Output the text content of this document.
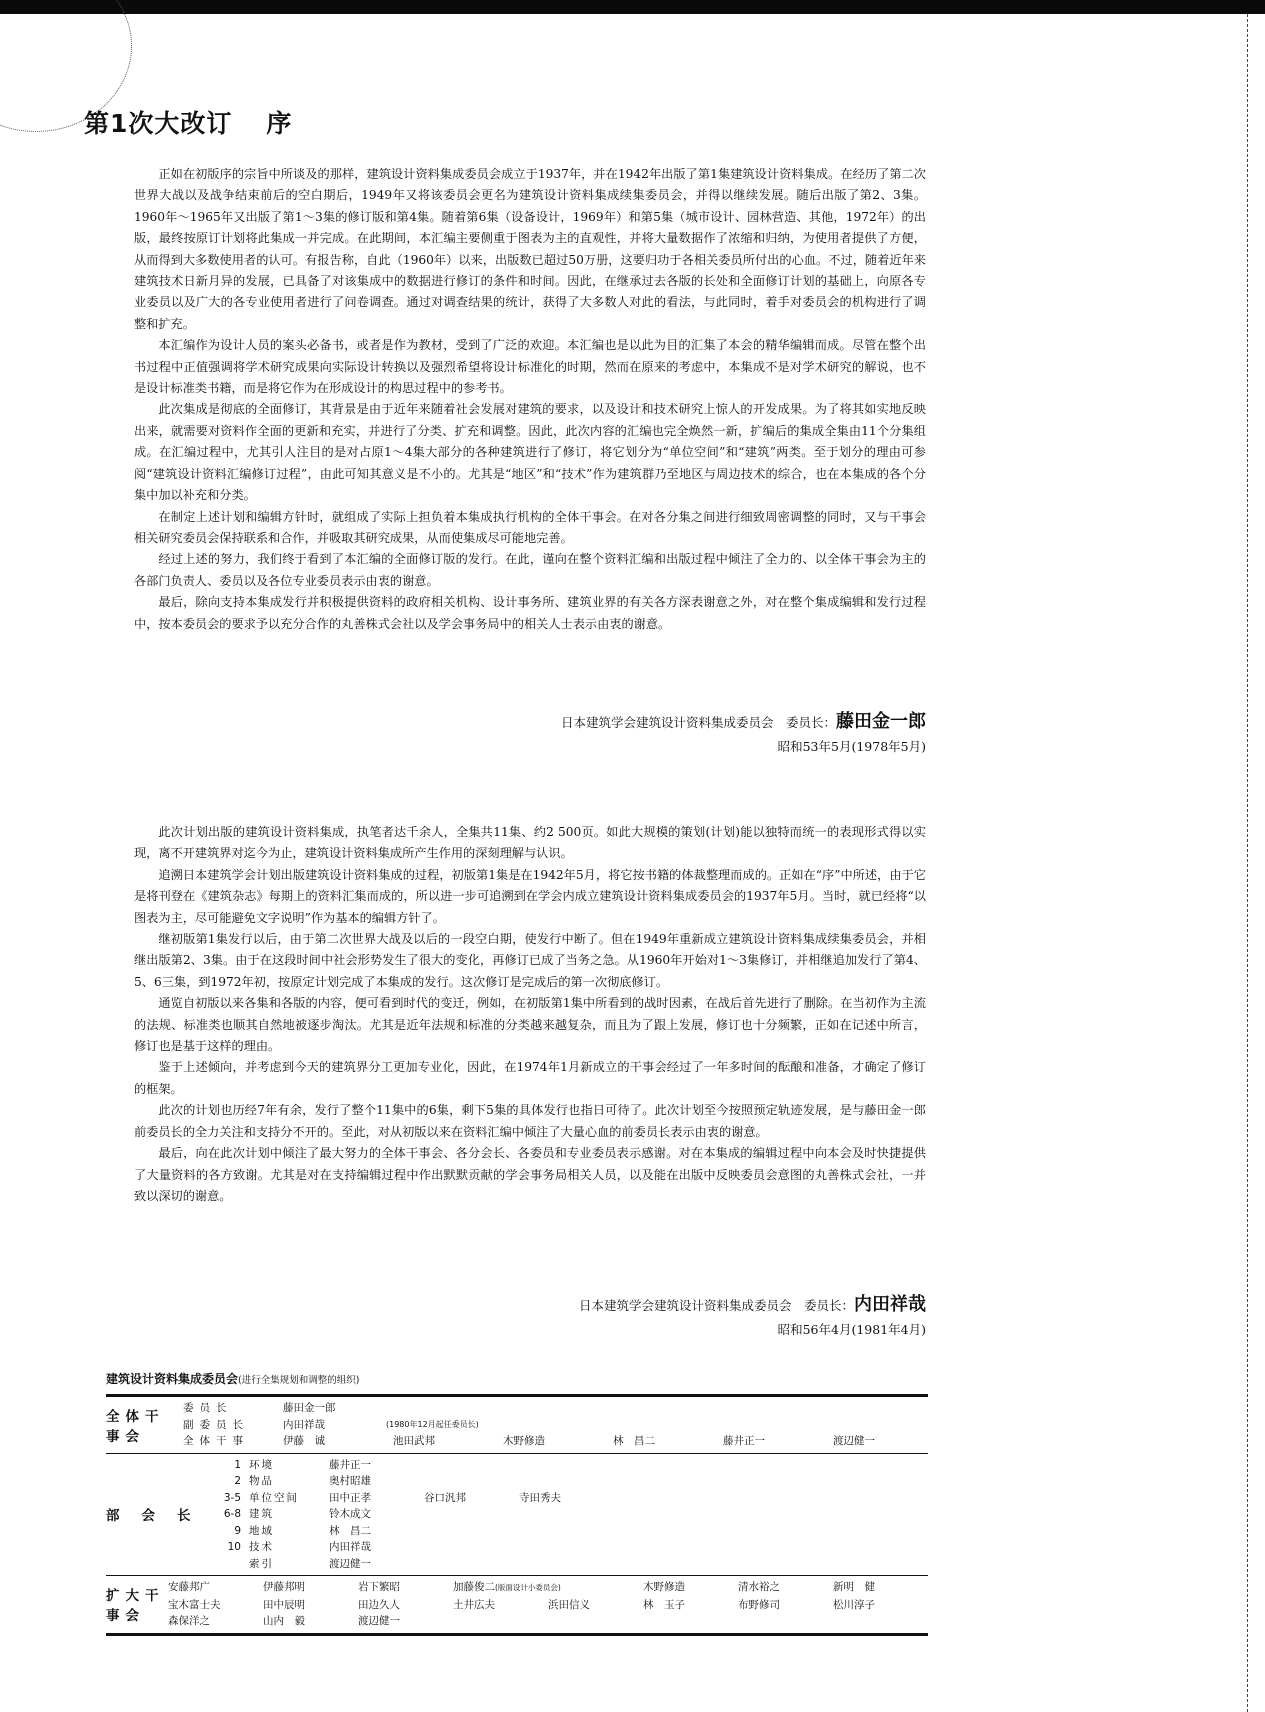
第1次大改订 序

正如在初版序的宗旨中所谈及的那样，建筑设计资料集成委员会成立于1937年，并在1942年出版了第1集建筑设计资料集成。在经历了第二次世界大战以及战争结束前后的空白期后，1949年又将该委员会更名为建筑设计资料集成续集委员会，并得以继续发展。随后出版了第2、3集。1960年～1965年又出版了第1～3集的修订版和第4集。随着第6集（设备设计，1969年）和第5集（城市设计、园林营造、其他，1972年）的出版，最终按原订计划将此集成一并完成。在此期间，本汇编主要侧重于图表为主的直观性，并将大量数据作了浓缩和归纳，为使用者提供了方便，从而得到大多数使用者的认可。有报告称，自此（1960年）以来，出版数已超过50万册，这要归功于各相关委员所付出的心血。不过，随着近年来建筑技术日新月异的发展，已具备了对该集成中的数据进行修订的条件和时间。因此，在继承过去各版的长处和全面修订计划的基础上，向原各专业委员以及广大的各专业使用者进行了问卷调查。通过对调查结果的统计，获得了大多数人对此的看法，与此同时，着手对委员会的机构进行了调整和扩充。

本汇编作为设计人员的案头必备书，或者是作为教材，受到了广泛的欢迎。本汇编也是以此为目的汇集了本会的精华编辑而成。尽管在整个出书过程中正值强调将学术研究成果向实际设计转换以及强烈希望将设计标准化的时期，然而在原来的考虑中，本集成不是对学术研究的解说，也不是设计标准类书籍，而是将它作为在形成设计的构思过程中的参考书。

此次集成是彻底的全面修订，其背景是由于近年来随着社会发展对建筑的要求，以及设计和技术研究上惊人的开发成果。为了将其如实地反映出来，就需要对资料作全面的更新和充实，并进行了分类、扩充和调整。因此，此次内容的汇编也完全焕然一新，扩编后的集成全集由11个分集组成。在汇编过程中，尤其引人注目的是对占原1～4集大部分的各种建筑进行了修订，将它划分为“单位空间”和“建筑”两类。至于划分的理由可参阅“建筑设计资料汇编修订过程”，由此可知其意义是不小的。尤其是“地区”和“技术”作为建筑群乃至地区与周边技术的综合，也在本集成的各个分集中加以补充和分类。

在制定上述计划和编辑方针时，就组成了实际上担负着本集成执行机构的全体干事会。在对各分集之间进行细致周密调整的同时，又与干事会相关研究委员会保持联系和合作，并吸取其研究成果，从而使集成尽可能地完善。

经过上述的努力，我们终于看到了本汇编的全面修订版的发行。在此，谨向在整个资料汇编和出版过程中倾注了全力的、以全体干事会为主的各部门负责人、委员以及各位专业委员表示由衷的谢意。

最后，除向支持本集成发行并积极提供资料的政府相关机构、设计事务所、建筑业界的有关各方深表谢意之外，对在整个集成编辑和发行过程中，按本委员会的要求予以充分合作的丸善株式会社以及学会事务局中的相关人士表示由衷的谢意。

日本建筑学会建筑设计资料集成委员会　委员长：藤田金一郎
昭和53年5月(1978年5月)

此次计划出版的建筑设计资料集成，执笔者达千余人，全集共11集、约2 500页。如此大规模的策划(计划)能以独特而统一的表现形式得以实现，离不开建筑界对迄今为止，建筑设计资料集成所产生作用的深刻理解与认识。

追溯日本建筑学会计划出版建筑设计资料集成的过程，初版第1集是在1942年5月，将它按书籍的体裁整理而成的。正如在“序”中所述，由于它是将刊登在《建筑杂志》每期上的资料汇集而成的，所以进一步可追溯到在学会内成立建筑设计资料集成委员会的1937年5月。当时，就已经将“以图表为主，尽可能避免文字说明”作为基本的编辑方针了。

继初版第1集发行以后，由于第二次世界大战及以后的一段空白期，使发行中断了。但在1949年重新成立建筑设计资料集成续集委员会，并相继出版第2、3集。由于在这段时间中社会形势发生了很大的变化，再修订已成了当务之急。从1960年开始对1～3集修订，并相继追加发行了第4、5、6三集，到1972年初，按原定计划完成了本集成的发行。这次修订是完成后的第一次彻底修订。

通览自初版以来各集和各版的内容，便可看到时代的变迁，例如，在初版第1集中所看到的战时因素，在战后首先进行了删除。在当初作为主流的法规、标准类也顺其自然地被逐步淘汰。尤其是近年法规和标准的分类越来越复杂，而且为了跟上发展，修订也十分频繁，正如在记述中所言，修订也是基于这样的理由。

鉴于上述倾向，并考虑到今天的建筑界分工更加专业化，因此，在1974年1月新成立的干事会经过了一年多时间的酝酿和准备，才确定了修订的框架。

此次的计划也历经7年有余，发行了整个11集中的6集，剩下5集的具体发行也指日可待了。此次计划至今按照预定轨迹发展，是与藤田金一郎前委员长的全力关注和支持分不开的。至此，对从初版以来在资料汇编中倾注了大量心血的前委员长表示由衷的谢意。

最后，向在此次计划中倾注了最大努力的全体干事会、各分会长、各委员和专业委员表示感谢。对在本集成的编辑过程中向本会及时快捷提供了大量资料的各方致谢。尤其是对在支持编辑过程中作出默默贡献的学会事务局相关人员，以及能在出版中反映委员会意图的丸善株式会社，一并致以深切的谢意。

日本建筑学会建筑设计资料集成委员会　委员长：内田祥哉
昭和56年4月(1981年4月)
建筑设计资料集成委员会(进行全集规划和调整的组织)
全体干事会
委员长	藤田金一郎
副委员长	内田祥哉	(1980年12月起任委员长)
全体干事	伊藤　诚	池田武邦	木野修造	林　昌二	藤井正一	渡辺健一
部会长
1 环境	藤井正一
2 物品	奥村昭雄
3-5 单位空间	田中正孝	谷口汎邦	寺田秀夫
6-8 建筑	铃木成文
9 地域	林　昌二
10 技术	内田祥哉
索引	渡辺健一
扩大干事会
安藤邦广	伊藤邦明	岩下繁昭	加藤俊二(版面设计小委员会)	木野修造	清水裕之	新明　健
宝木富士夫	田中辰明	田边久人	土井広夫	浜田信义	林　玉子	布野修司	松川淳子
森保洋之	山内　毅	渡辺健一
